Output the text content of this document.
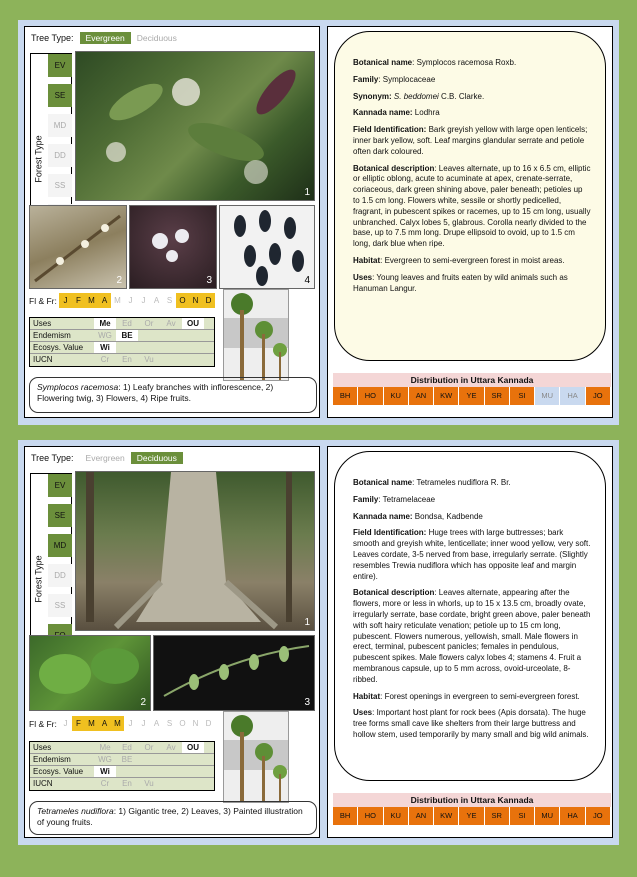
Tree Type:	Evergreen	Deciduous
Forest Type
EV
SE
MD
DD
SS
1
2	3	4
Fl & Fr: J	F M A M J	J	A S O N D
Uses	Me	Ed	Or	Av	OU
Endemism	WG	BE
Ecosys. Value	Wi
IUCN	Cr	En	Vu
Symplocos racemosa: 1) Leafy branches with inflorescence, 2) Flowering twig, 3) Flowers, 4) Ripe fruits.

Botanical name: Symplocos racemosa Roxb.

Family: Symplocaceae

Synonym: S. beddomei C.B. Clarke.

Kannada name: Lodhra

Field Identification: Bark greyish yellow with large open lenticels; inner bark yellow, soft. Leaf margins glandular serrate and petiole often dark coloured.

Botanical description: Leaves alternate, up to 16 x 6.5 cm, elliptic or elliptic oblong, acute to acuminate at apex, crenate-serrate, coriaceous, dark green shining above, paler beneath; petioles up to 1.5 cm long. Flowers white, sessile or shortly pedicelled, fragrant, in pubescent spikes or racemes, up to 15 cm long, usually unbranched. Calyx lobes 5, glabrous. Corolla nearly divided to the base, up to 7.5 mm long. Drupe ellipsoid to ovoid, up to 1.5 cm long, dark blue when ripe.

Habitat: Evergreen to semi-evergreen forest in moist areas.

Uses: Young leaves and fruits eaten by wild animals such as Hanuman Langur.

Distribution in Uttara Kannada
BH	HO	KU	AN	KW	YE	SR	SI	MU	HA	JO
Tree Type:	Evergreen	Deciduous
Forest Type
EV
SE
MD
DD
SS
1
2	3
Fl & Fr: J	F M A M J	J	A S O N D
Uses	Me	Ed	Or	Av	OU
Endemism	WG	BE
Ecosys. Value	Wi
IUCN	Cr	En	Vu
Tetrameles nudiflora: 1) Gigantic tree, 2) Leaves, 3) Painted illustration of young fruits.

Botanical name: Tetrameles nudiflora R. Br.

Family: Tetramelaceae

Kannada name: Bondsa, Kadbende

Field Identification: Huge trees with large buttresses; bark smooth and greyish white, lenticellate; inner wood yellow, very soft. Leaves cordate, 3-5 nerved from base, irregularly serrate. (Slightly resembles Trewia nudiflora which has opposite leaf and margin entire).

Botanical description: Leaves alternate, appearing after the flowers, more or less in whorls, up to 15 x 13.5 cm, broadly ovate, irregularly serrate, base cordate, bright green above, paler beneath with soft hairy reticulate venation; petiole up to 15 cm long, pubescent. Flowers numerous, yellowish, small. Male flowers in erect, terminal, pubescent panicles; females in pendulous, pubescent spikes. Male flowers calyx lobes 4; stamens 4. Fruit a membranous capsule, up to 5 mm across, ovoid-urceolate, 8-ribbed.

Habitat: Forest openings in evergreen to semi-evergreen forest.

Uses: Important host plant for rock bees (Apis dorsata). The huge tree forms small cave like shelters from their large buttress and hollow stem, used temporarily by many small and big wild animals.

Distribution in Uttara Kannada
BH	HO	KU	AN	KW	YE	SR	SI	MU	HA	JO
